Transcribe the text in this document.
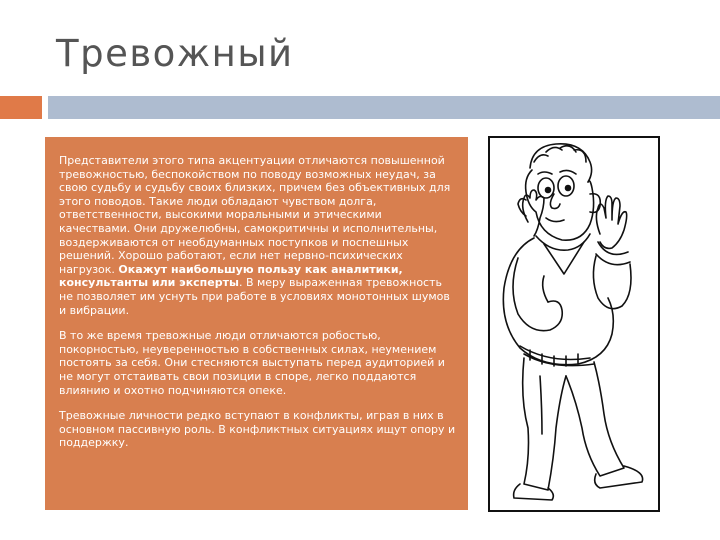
Тревожный

Представители этого типа акцентуации отличаются повышенной тревожностью, беспокойством по поводу возможных неудач, за свою судьбу и судьбу своих близких, причем без объективных для этого поводов. Такие люди обладают чувством долга, ответственности, высокими моральными и этическими качествами. Они дружелюбны, самокритичны и исполнительны, воздерживаются от необдуманных поступков и поспешных решений. Хорошо работают, если нет нервно-психических нагрузок. Окажут наибольшую пользу как аналитики, консультанты или эксперты. В меру выраженная тревожность не позволяет им уснуть при работе в условиях монотонных шумов и вибрации.

В то же время тревожные люди отличаются робостью, покорностью, неуверенностью в собственных силах, неумением постоять за себя. Они стесняются выступать перед аудиторией и не могут отстаивать свои позиции в споре, легко поддаются влиянию и охотно подчиняются опеке.

Тревожные личности редко вступают в конфликты, играя в них в основном пассивную роль. В конфликтных ситуациях ищут опору и поддержку.
